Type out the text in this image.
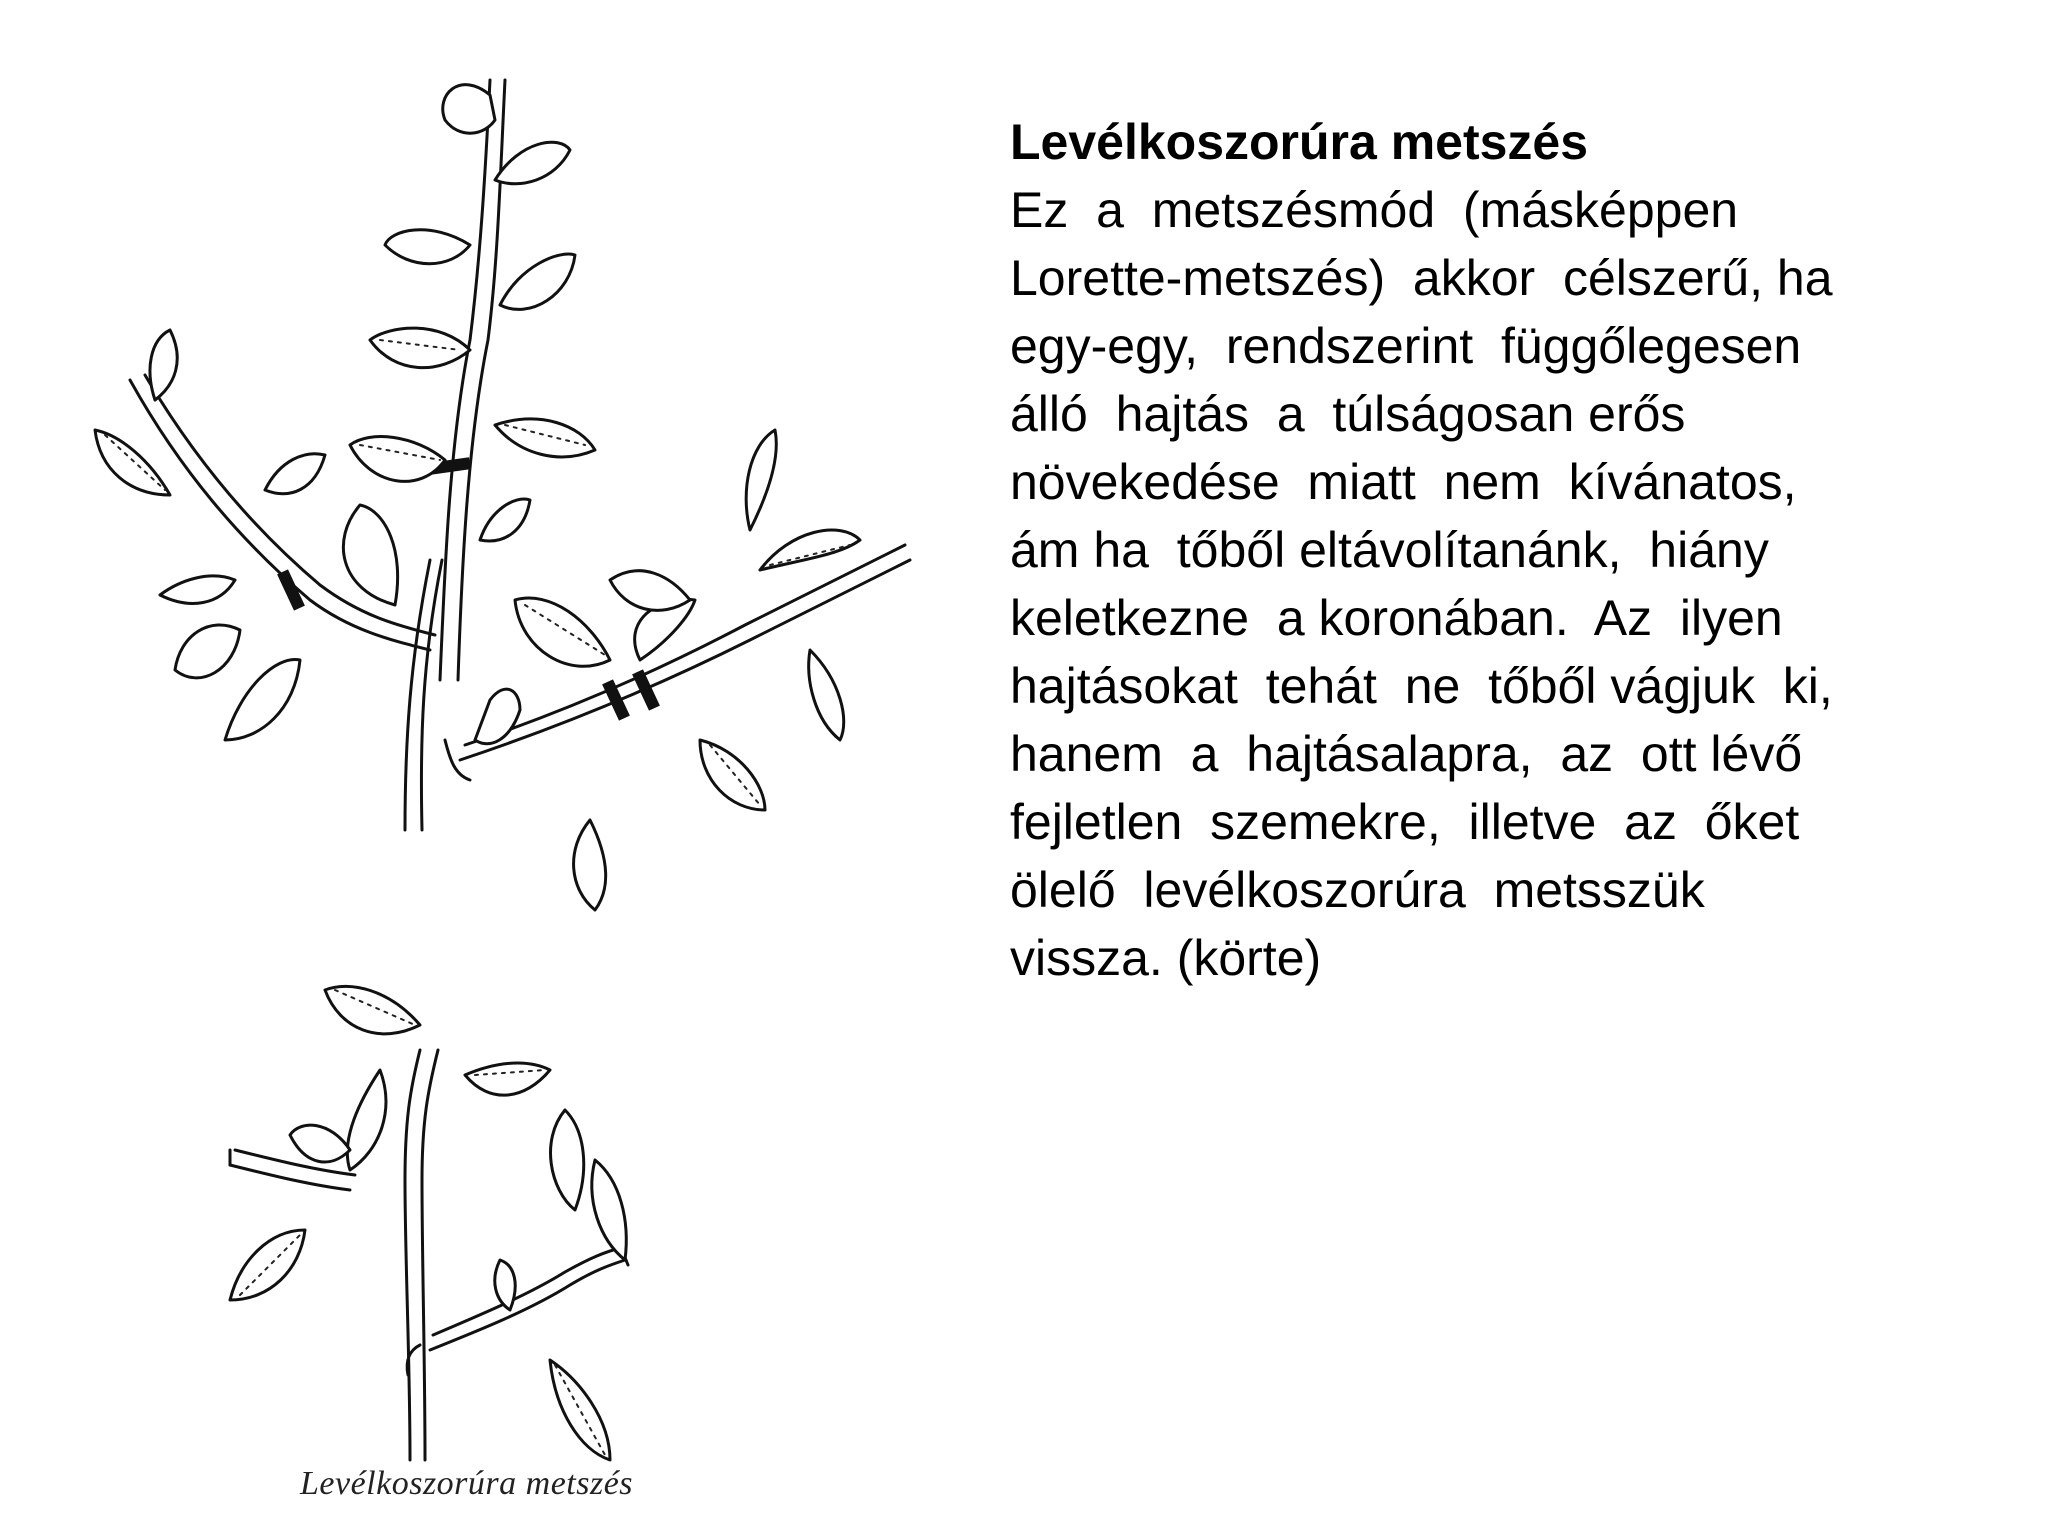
Levélkoszorúra metszés

Levélkoszorúra metszés

Ez  a  metszésmód  (másképpen

Lorette-metszés)  akkor  célszerű, ha

egy-egy,  rendszerint  függőlegesen

álló  hajtás  a  túlságosan erős

növekedése  miatt  nem  kívánatos,

ám ha  tőből eltávolítanánk,  hiány

keletkezne  a koronában.  Az  ilyen

hajtásokat  tehát  ne  tőből vágjuk  ki,

hanem  a  hajtásalapra,  az  ott lévő

fejletlen  szemekre,  illetve  az  őket

ölelő  levélkoszorúra  metsszük

vissza. (körte)
